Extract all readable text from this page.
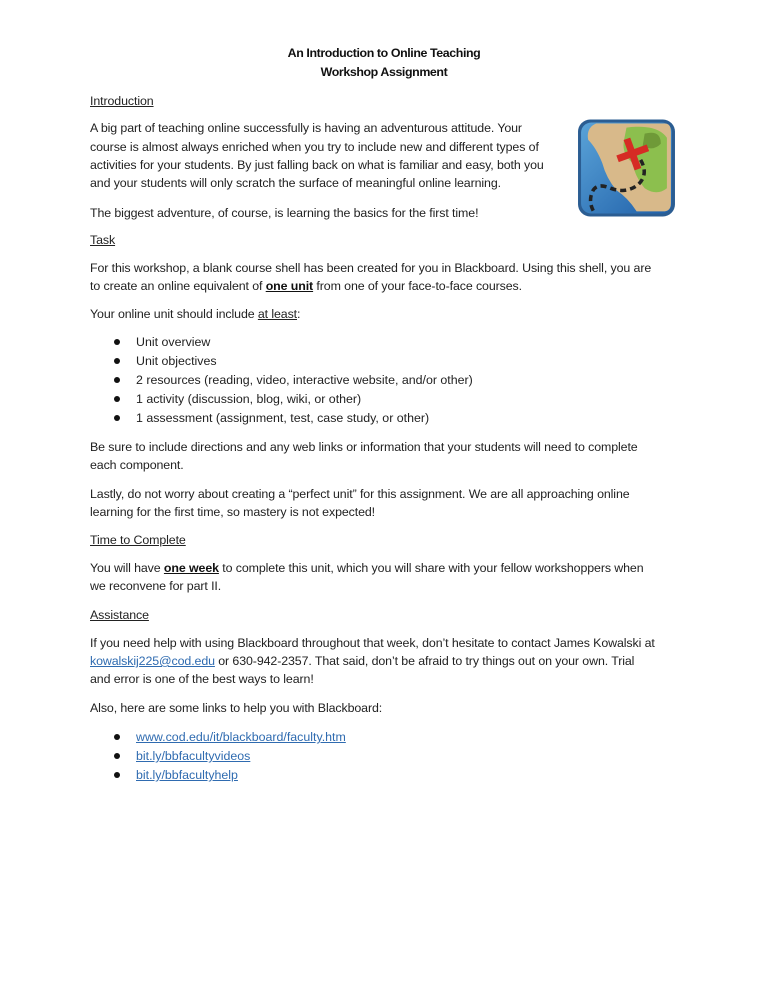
An Introduction to Online Teaching
Workshop Assignment
Introduction
A big part of teaching online successfully is having an adventurous attitude. Your
course is almost always enriched when you try to include new and different types of
activities for your students. By just falling back on what is familiar and easy, both you
and your students will only scratch the surface of meaningful online learning.
The biggest adventure, of course, is learning the basics for the first time!
Task
For this workshop, a blank course shell has been created for you in Blackboard. Using this shell, you are
to create an online equivalent of one unit from one of your face-to-face courses.
Your online unit should include at least:
Unit overview
Unit objectives
2 resources (reading, video, interactive website, and/or other)
1 activity (discussion, blog, wiki, or other)
1 assessment (assignment, test, case study, or other)
Be sure to include directions and any web links or information that your students will need to complete
each component.
Lastly, do not worry about creating a “perfect unit” for this assignment. We are all approaching online
learning for the first time, so mastery is not expected!
Time to Complete
You will have one week to complete this unit, which you will share with your fellow workshoppers when
we reconvene for part II.
Assistance
If you need help with using Blackboard throughout that week, don’t hesitate to contact James Kowalski at
kowalskij225@cod.edu or 630-942-2357. That said, don’t be afraid to try things out on your own. Trial
and error is one of the best ways to learn!
Also, here are some links to help you with Blackboard:
www.cod.edu/it/blackboard/faculty.htm
bit.ly/bbfacultyvideos
bit.ly/bbfacultyhelp
